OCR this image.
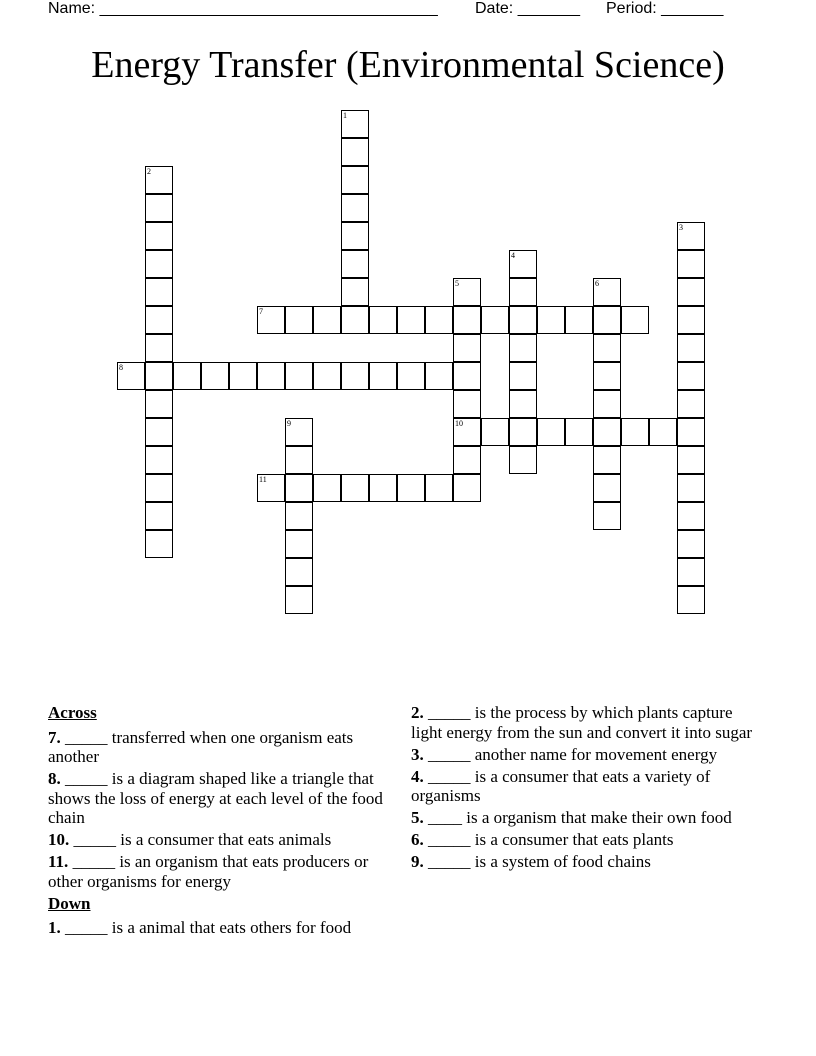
Name: ______________________________________ Date: _______ Period: _______
Energy Transfer (Environmental Science)
1
2
3
4
5	6
7
8
9	10
11
Across
7. _____ transferred when one organism eats another
8. _____ is a diagram shaped like a triangle that shows the loss of energy at each level of the food chain
10. _____ is a consumer that eats animals
11. _____ is an organism that eats producers or other organisms for energy
Down
1. _____ is a animal that eats others for food
2. _____ is the process by which plants capture light energy from the sun and convert it into sugar
3. _____ another name for movement energy
4. _____ is a consumer that eats a variety of organisms
5. ____ is a organism that make their own food
6. _____ is a consumer that eats plants
9. _____ is a system of food chains
